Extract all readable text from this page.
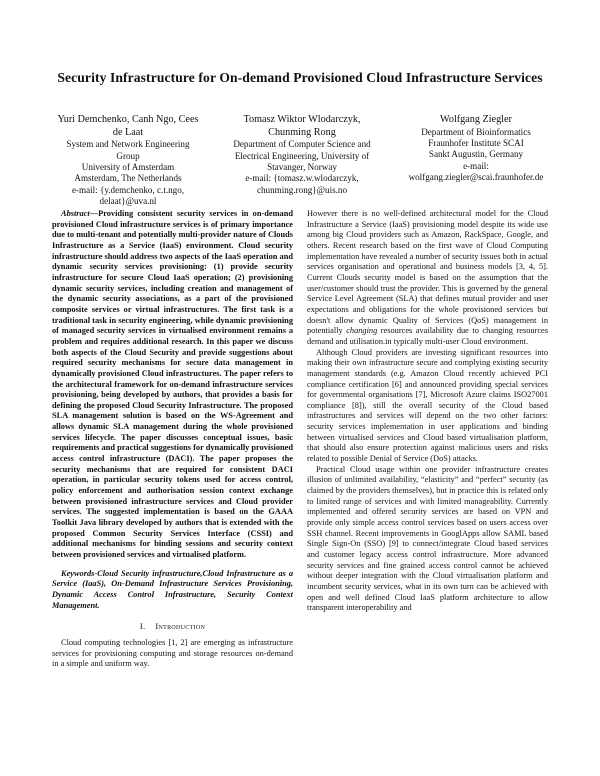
Security Infrastructure for On-demand Provisioned Cloud Infrastructure Services
Yuri Demchenko, Canh Ngo, Cees
de Laat
System and Network Engineering
Group
University of Amsterdam
Amsterdam, The Netherlands
e-mail: {y.demchenko, c.t.ngo,
delaat}@uva.nl
Tomasz Wiktor Wlodarczyk,
Chunming Rong
Department of Computer Science and
Electrical Engineering, University of
Stavanger, Norway
e-mail: {tomasz.w.wlodarczyk,
chunming.rong}@uis.no
Wolfgang Ziegler
Department of Bioinformatics
Fraunhofer Institute SCAI
Sankt Augustin, Germany
e-mail:
wolfgang.ziegler@scai.fraunhofer.de

Abstract—Providing consistent security services in on-demand provisioned Cloud infrastructure services is of primary importance due to multi-tenant and potentially multi-provider nature of Clouds Infrastructure as a Service (IaaS) environment. Cloud security infrastructure should address two aspects of the IaaS operation and dynamic security services provisioning: (1) provide security infrastructure for secure Cloud IaaS operation; (2) provisioning dynamic security services, including creation and management of the dynamic security associations, as a part of the provisioned composite services or virtual infrastructures. The first task is a traditional task in security engineering, while dynamic provisioning of managed security services in virtualised environment remains a problem and requires additional research. In this paper we discuss both aspects of the Cloud Security and provide suggestions about required security mechanisms for secure data management in dynamically provisioned Cloud infrastructures. The paper refers to the architectural framework for on-demand infrastructure services provisioning, being developed by authors, that provides a basis for defining the proposed Cloud Security Infrastructure. The proposed SLA management solution is based on the WS-Agreement and allows dynamic SLA management during the whole provisioned services lifecycle. The paper discusses conceptual issues, basic requirements and practical suggestions for dynamically provisioned access control infrastructure (DACI). The paper proposes the security mechanisms that are required for consistent DACI operation, in particular security tokens used for access control, policy enforcement and authorisation session context exchange between provisioned infrastructure services and Cloud provider services. The suggested implementation is based on the GAAA Toolkit Java library developed by authors that is extended with the proposed Common Security Services Interface (CSSI) and additional mechanisms for binding sessions and security context between provisioned services and virtualised platform.

Keywords-Cloud Security infrastructure,Cloud Infrastructure as a Service (IaaS), On-Demand Infrastructure Services Provisioning, Dynamic Access Control Infrastructure, Security Context Management.

I. Introduction

Cloud computing technologies [1, 2] are emerging as infrastructure services for provisioning computing and storage resources on-demand in a simple and uniform way.

However there is no well-defined architectural model for the Cloud Infrastructure a Service (IaaS) provisioning model despite its wide use among big Cloud providers such as Amazon, RackSpace, Google, and others. Recent research based on the first wave of Cloud Computing implementation have revealed a number of security issues both in actual services organisation and operational and business models [3, 4, 5]. Current Clouds security model is based on the assumption that the user/customer should trust the provider. This is governed by the general Service Level Agreement (SLA) that defines mutual provider and user expectations and obligations for the whole provisioned services but doesn't allow dynamic Quality of Services (QoS) management in potentially changing resources availability due to changing resources demand and utilisation.in typically multi-user Cloud environment.

Although Cloud providers are investing significant resources into making their own infrastructure secure and complying existing security management standards (e.g. Amazon Cloud recently achieved PCI compliance certification [6] and announced providing special services for governmental organisations [7], Microsoft Azure claims ISO27001 compliance [8]), still the overall security of the Cloud based infrastructures and services will depend on the two other factors: security services implementation in user applications and binding between virtualised services and Cloud based virtualisation platform, that should also ensure protection against malicious users and risks related to possible Denial of Service (DoS) attacks.

Practical Cloud usage within one provider infrastructure creates illusion of unlimited availability, “elasticity” and “perfect” security (as claimed by the providers themselves), but in practice this is related only to limited range of services and with limited manageability. Currently implemented and offered security services are based on VPN and provide only simple access control services based on users access over SSH channel. Recent improvements in GooglApps allow SAML based Single Sign-On (SSO) [9] to connect/integrate Cloud based services and customer legacy access control infrastructure. More advanced security services and fine grained access control cannot be achieved without deeper integration with the Cloud virtualisation platform and incumbent security services, what in its own turn can be achieved with open and well defined Cloud IaaS platform architecture to allow transparent interoperability and
